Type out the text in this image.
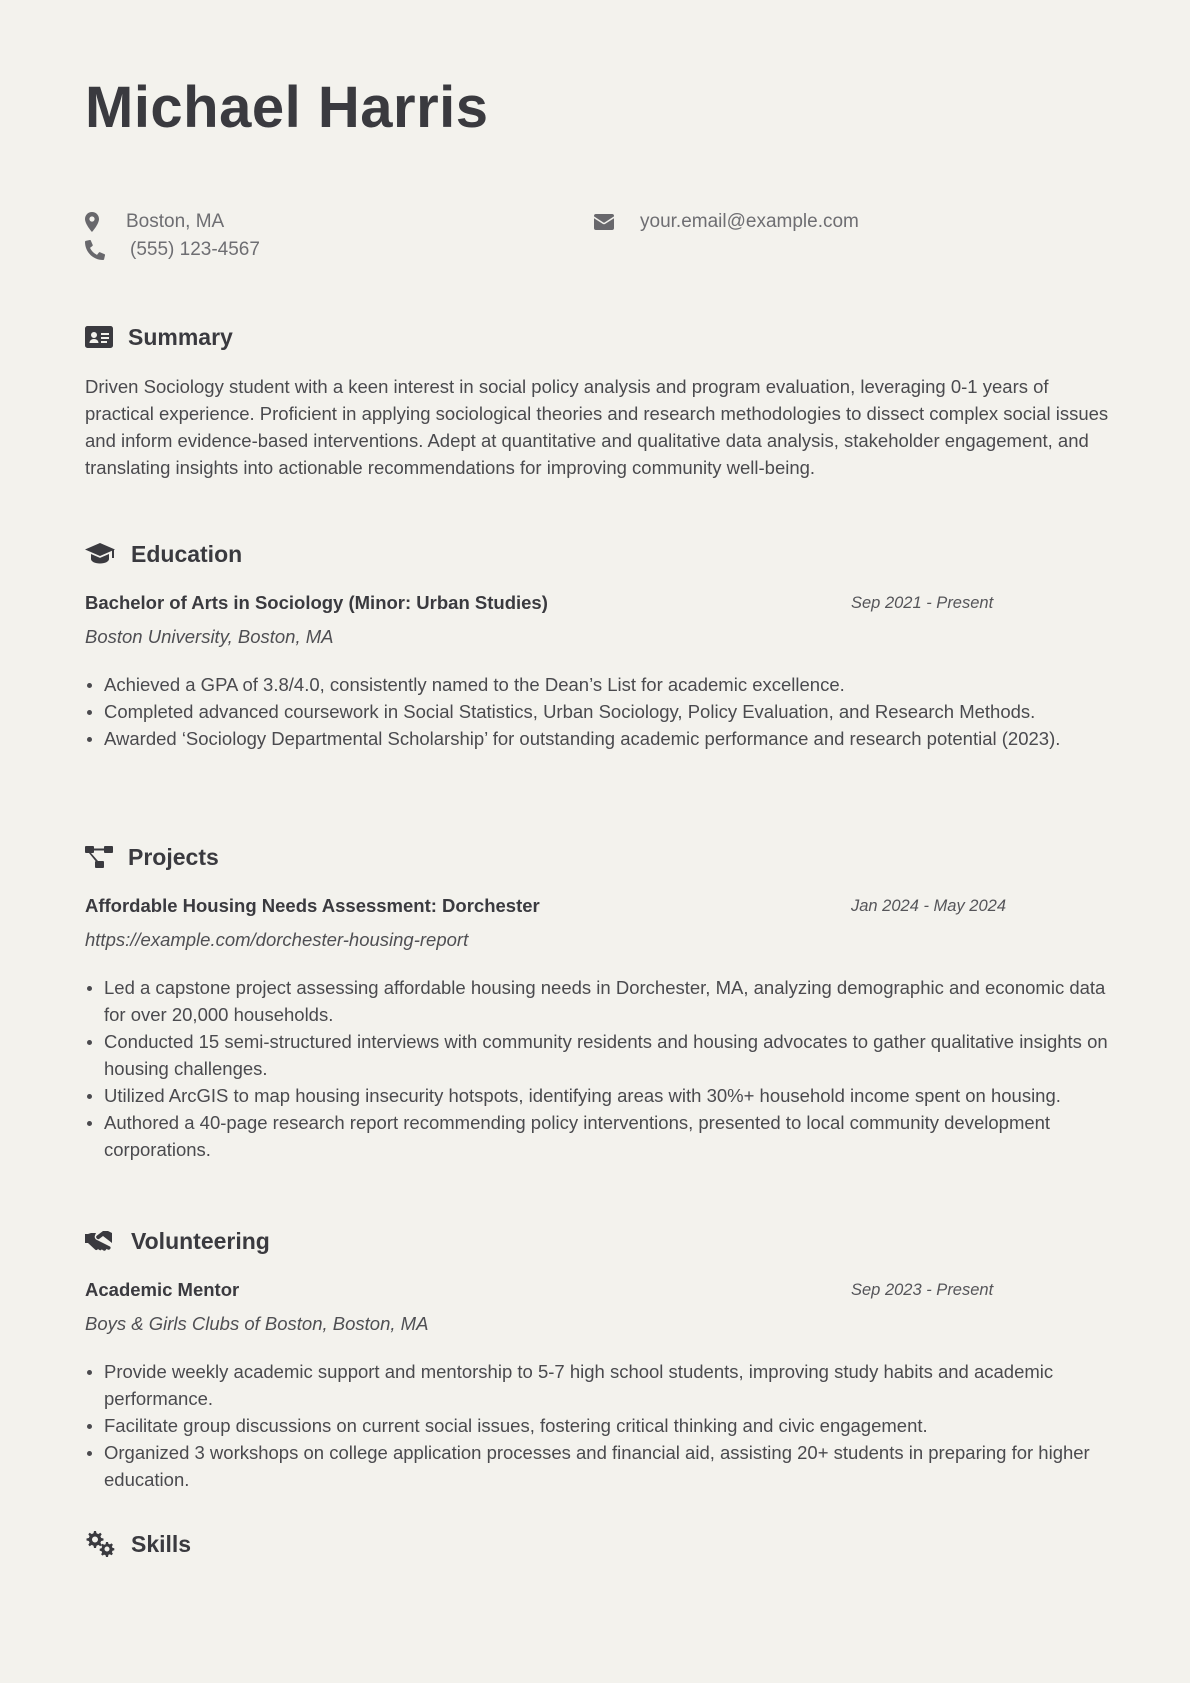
Michael Harris
Boston, MA
(555) 123-4567
your.email@example.com
Summary

Driven Sociology student with a keen interest in social policy analysis and program evaluation, leveraging 0-1 years of practical experience. Proficient in applying sociological theories and research methodologies to dissect complex social issues and inform evidence-based interventions. Adept at quantitative and qualitative data analysis, stakeholder engagement, and translating insights into actionable recommendations for improving community well-being.

Education
Bachelor of Arts in Sociology (Minor: Urban Studies)	Sep 2021 - Present
Boston University, Boston, MA
Achieved a GPA of 3.8/4.0, consistently named to the Dean’s List for academic excellence.
Completed advanced coursework in Social Statistics, Urban Sociology, Policy Evaluation, and Research Methods.
Awarded ‘Sociology Departmental Scholarship’ for outstanding academic performance and research potential (2023).
Projects
Affordable Housing Needs Assessment: Dorchester	Jan 2024 - May 2024
https://example.com/dorchester-housing-report
Led a capstone project assessing affordable housing needs in Dorchester, MA, analyzing demographic and economic data for over 20,000 households.
Conducted 15 semi-structured interviews with community residents and housing advocates to gather qualitative insights on housing challenges.
Utilized ArcGIS to map housing insecurity hotspots, identifying areas with 30%+ household income spent on housing.
Authored a 40-page research report recommending policy interventions, presented to local community development corporations.
Volunteering
Academic Mentor	Sep 2023 - Present
Boys & Girls Clubs of Boston, Boston, MA
Provide weekly academic support and mentorship to 5-7 high school students, improving study habits and academic performance.
Facilitate group discussions on current social issues, fostering critical thinking and civic engagement.
Organized 3 workshops on college application processes and financial aid, assisting 20+ students in preparing for higher education.
Skills
